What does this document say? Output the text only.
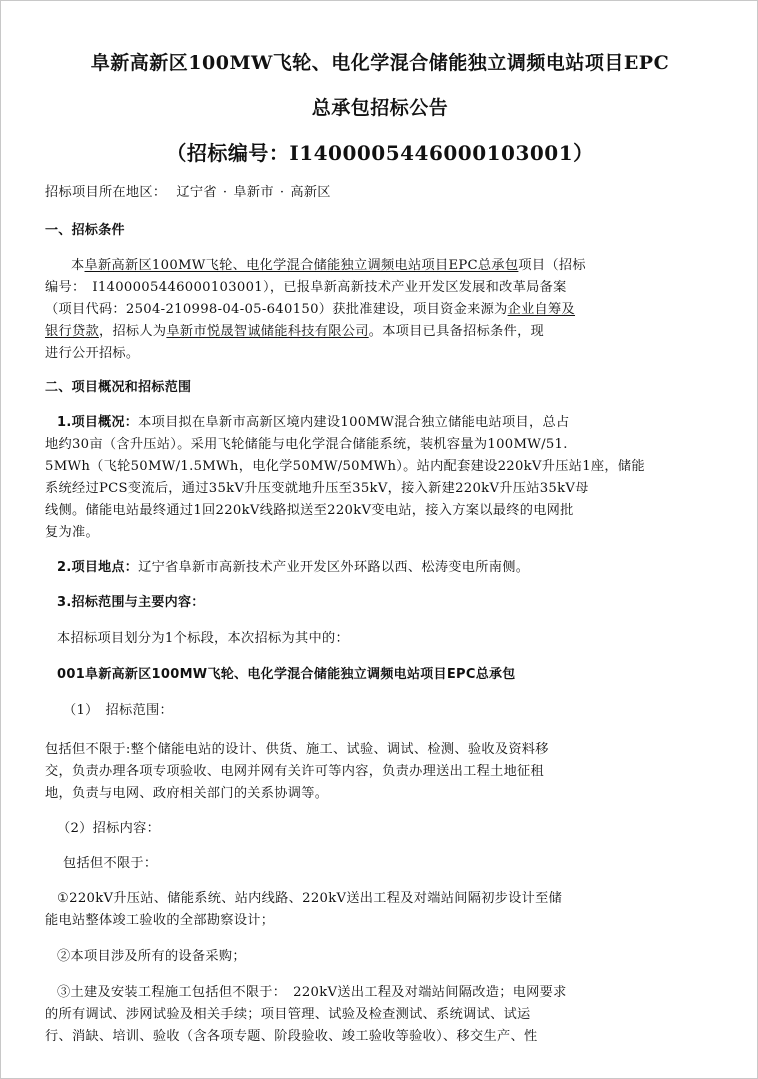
阜新高新区100MW飞轮、电化学混合储能独立调频电站项目EPC
总承包招标公告
（招标编号：I1400005446000103001）
招标项目所在地区： 辽宁省 · 阜新市 · 高新区
一、招标条件
本阜新高新区100MW飞轮、电化学混合储能独立调频电站项目EPC总承包项目（招标
编号：　I1400005446000103001），已报阜新高新技术产业开发区发展和改革局备案
（项目代码：2504-210998-04-05-640150）获批准建设，项目资金来源为企业自筹及
银行贷款，招标人为阜新市悦晟智诚储能科技有限公司。本项目已具备招标条件，现
进行公开招标。
二、项目概况和招标范围
1.项目概况：本项目拟在阜新市高新区境内建设100MW混合独立储能电站项目，总占
地约30亩（含升压站）。采用飞轮储能与电化学混合储能系统，装机容量为100MW/51.
5MWh（飞轮50MW/1.5MWh，电化学50MW/50MWh）。站内配套建设220kV升压站1座，储能
系统经过PCS变流后，通过35kV升压变就地升压至35kV，接入新建220kV升压站35kV母
线侧。储能电站最终通过1回220kV线路拟送至220kV变电站，接入方案以最终的电网批
复为准。
2.项目地点：辽宁省阜新市高新技术产业开发区外环路以西、松涛变电所南侧。
3.招标范围与主要内容：
本招标项目划分为1个标段，本次招标为其中的：
001阜新高新区100MW飞轮、电化学混合储能独立调频电站项目EPC总承包
（1）　招标范围：
包括但不限于:整个储能电站的设计、供货、施工、试验、调试、检测、验收及资料移
交，负责办理各项专项验收、电网并网有关许可等内容，负责办理送出工程土地征租
地，负责与电网、政府相关部门的关系协调等。
（2）招标内容：
包括但不限于：
①220kV升压站、储能系统、站内线路、220kV送出工程及对端站间隔初步设计至储
能电站整体竣工验收的全部勘察设计；
②本项目涉及所有的设备采购；
③土建及安装工程施工包括但不限于：　220kV送出工程及对端站间隔改造；电网要求
的所有调试、涉网试验及相关手续；项目管理、试验及检查测试、系统调试、试运
行、消缺、培训、验收（含各项专题、阶段验收、竣工验收等验收）、移交生产、性
